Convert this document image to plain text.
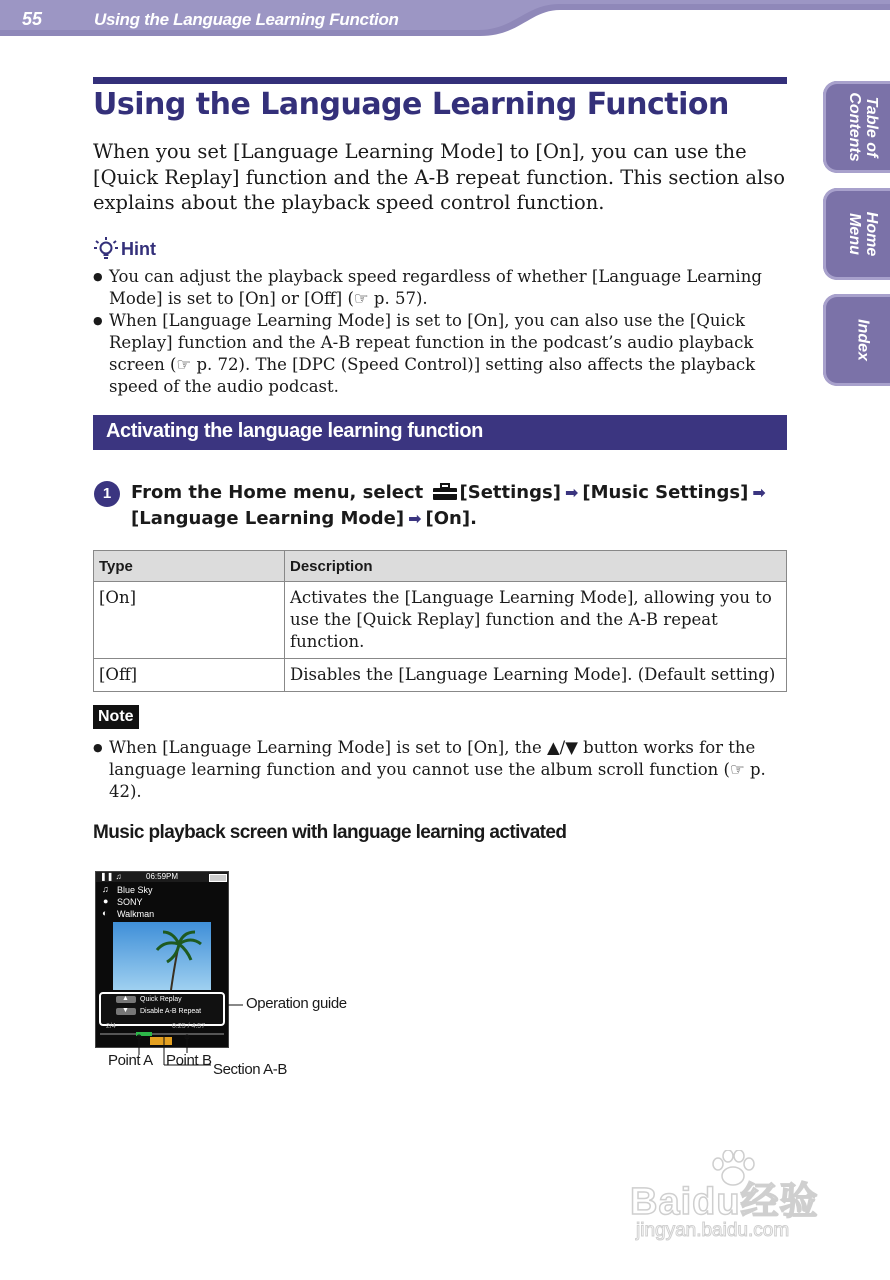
55	Using the Language Learning Function
Table of
Contents
Home
Menu
Index
Using the Language Learning Function
When you set [Language Learning Mode] to [On], you can use the [Quick Replay] function and the A-B repeat function. This section also explains about the playback speed control function.
Hint
● You can adjust the playback speed regardless of whether [Language Learning Mode] is set to [On] or [Off] (☞ p. 57).
● When [Language Learning Mode] is set to [On], you can also use the [Quick Replay] function and the A-B repeat function in the podcast’s audio playback screen (☞ p. 72). The [DPC (Speed Control)] setting also affects the playback speed of the audio podcast.
Activating the language learning function
1	From the Home menu, select [Settings] ➡ [Music Settings] ➡
[Language Learning Mode] ➡ [On].
Type	Description
[On]	Activates the [Language Learning Mode], allowing you to use the [Quick Replay] function and the A-B repeat function.
[Off]	Disables the [Language Learning Mode]. (Default setting)
Note
● When [Language Learning Mode] is set to [On], the ▲/▼ button works for the language learning function and you cannot use the album scroll function (☞ p. 42).
Music playback screen with language learning activated
❚❚ ♫	06:59PM
♫ Blue Sky
● SONY
◐ Walkman
▲ Quick Replay
▼ Disable A-B Repeat
2/4	0:25 / 4:57
Operation guide
Point A Point B
Section A-B
Baidu经验
jingyan.baidu.com
